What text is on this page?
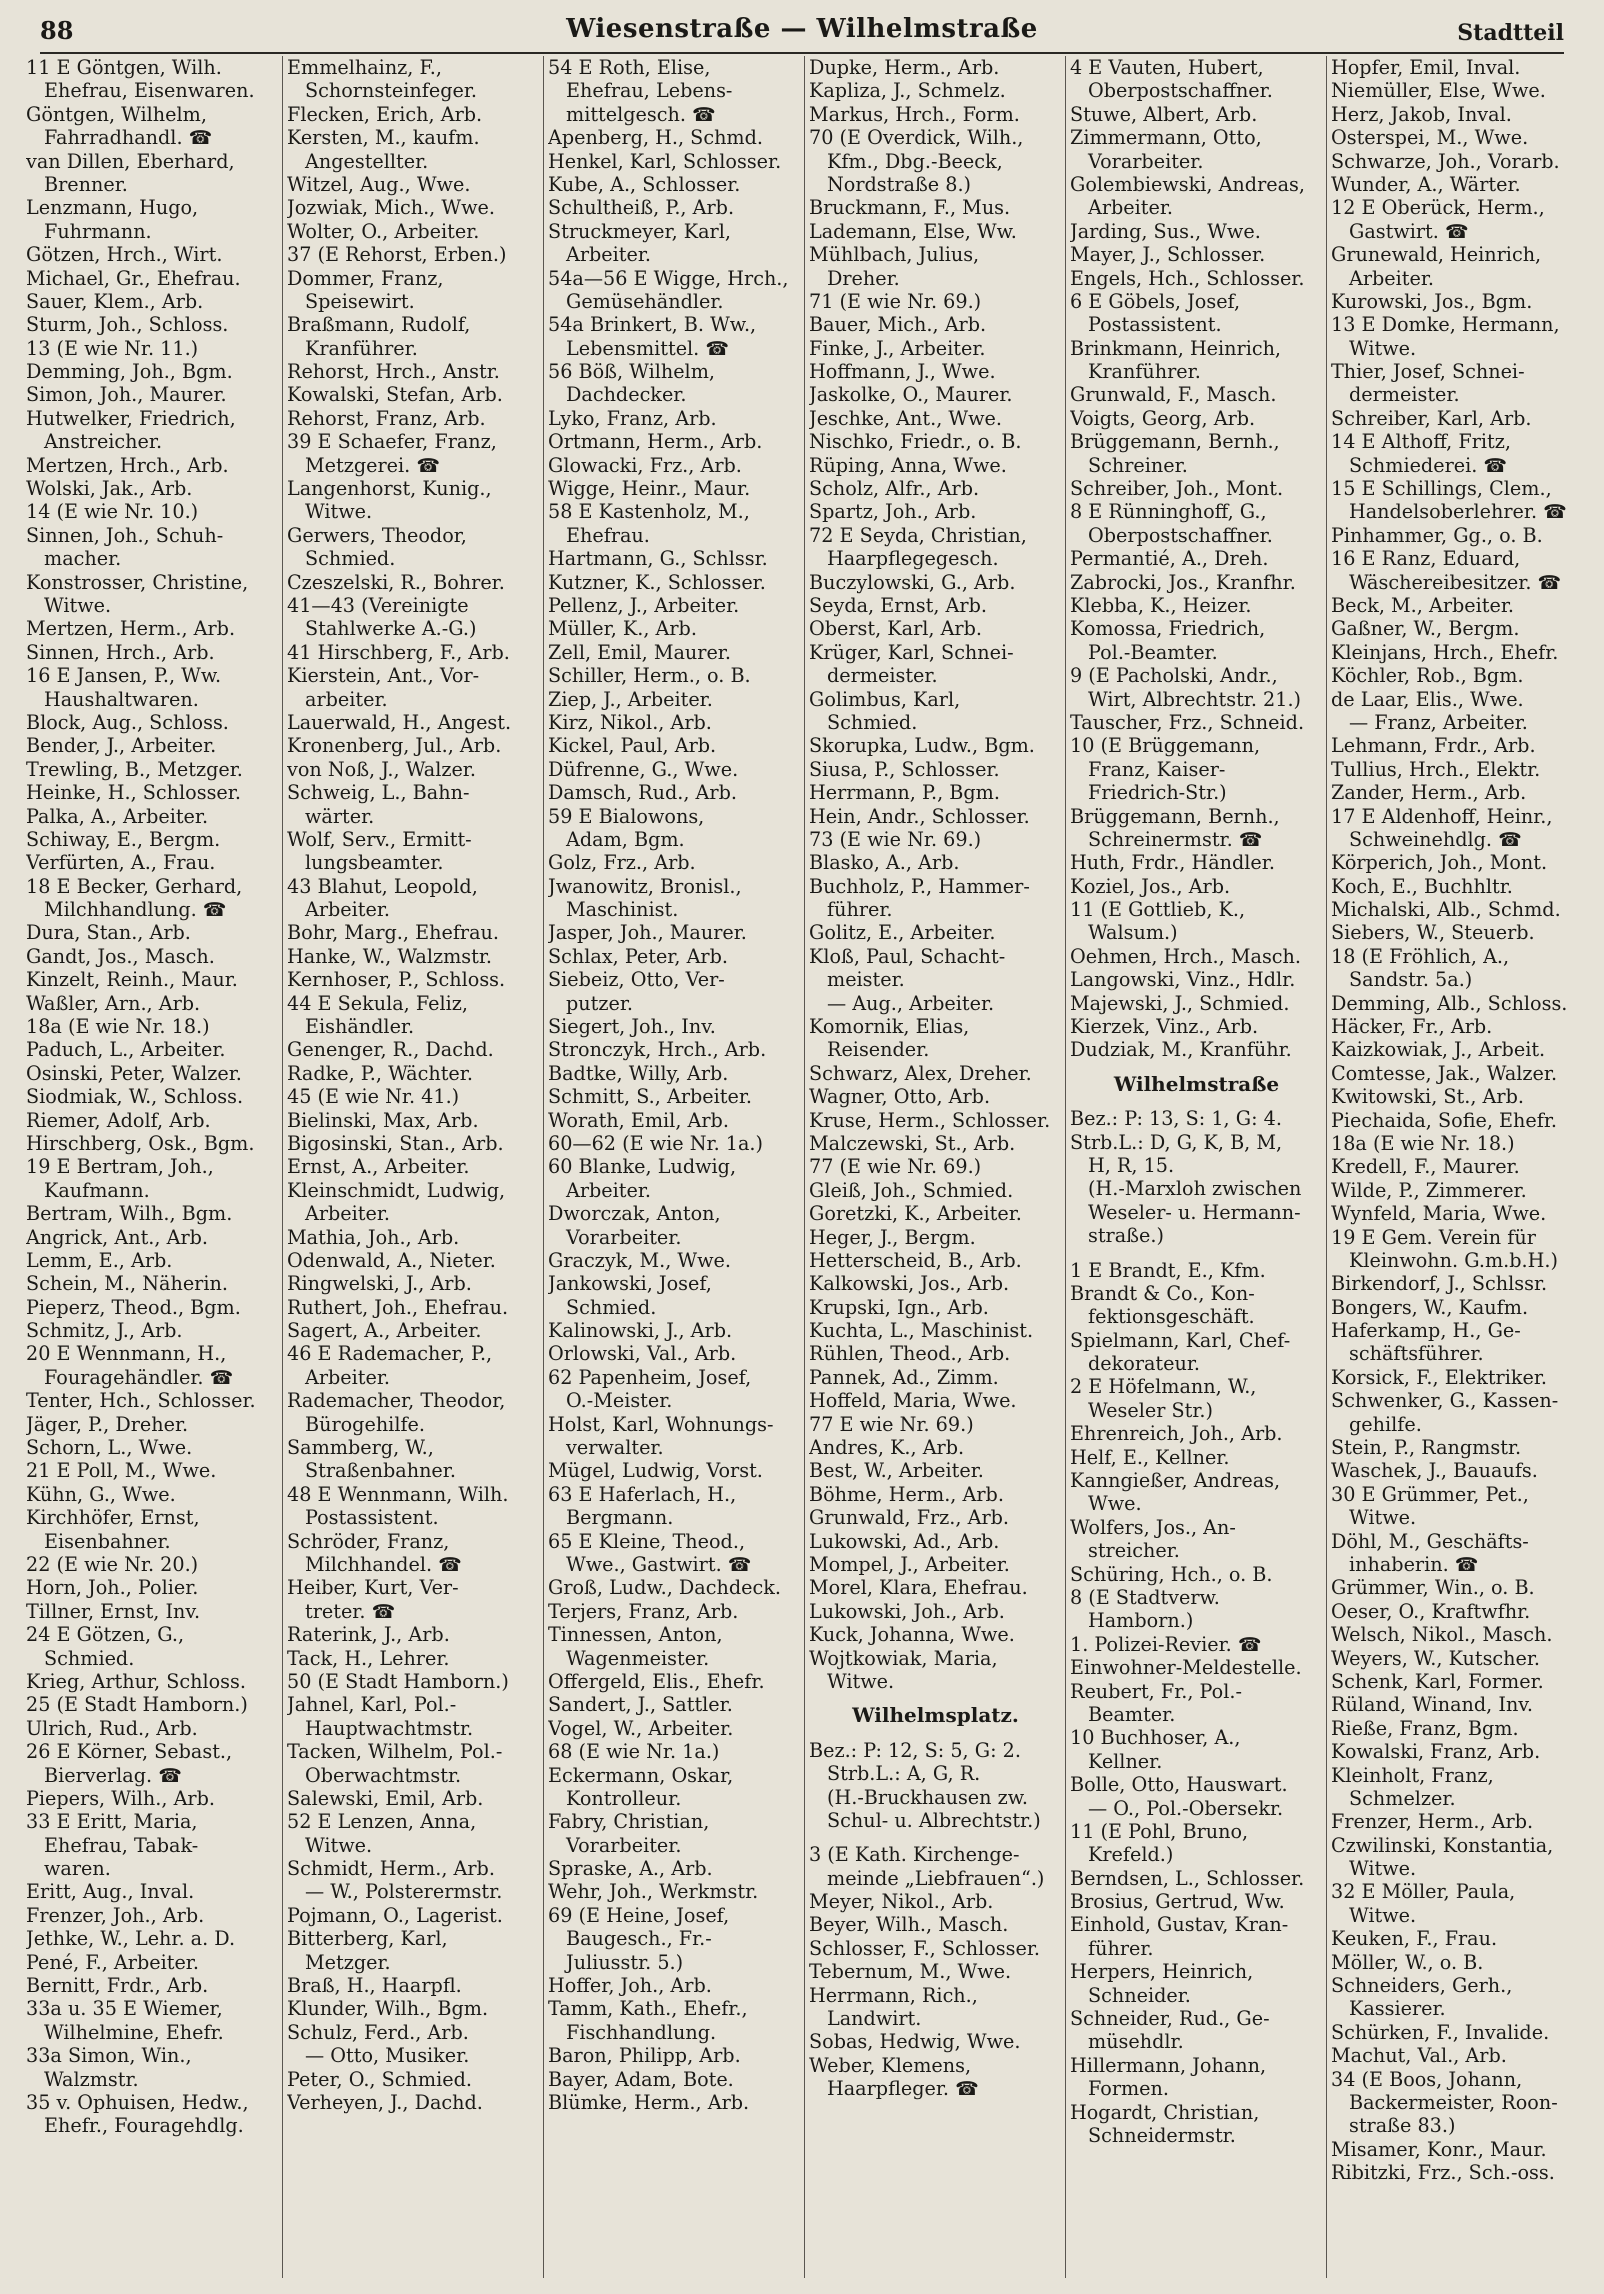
88	Wiesenstraße — Wilhelmstraße	Stadtteil
11 E Göntgen, Wilh.
Ehefrau, Eisenwaren.
Göntgen, Wilhelm,
Fahrradhandl. ☎
van Dillen, Eberhard,
Brenner.
Lenzmann, Hugo,
Fuhrmann.
Götzen, Hrch., Wirt.
Michael, Gr., Ehefrau.
Sauer, Klem., Arb.
Sturm, Joh., Schloss.
13 (E wie Nr. 11.)
Demming, Joh., Bgm.
Simon, Joh., Maurer.
Hutwelker, Friedrich,
Anstreicher.
Mertzen, Hrch., Arb.
Wolski, Jak., Arb.
14 (E wie Nr. 10.)
Sinnen, Joh., Schuh-
macher.
Konstrosser, Christine,
Witwe.
Mertzen, Herm., Arb.
Sinnen, Hrch., Arb.
16 E Jansen, P., Ww.
Haushaltwaren.
Block, Aug., Schloss.
Bender, J., Arbeiter.
Trewling, B., Metzger.
Heinke, H., Schlosser.
Palka, A., Arbeiter.
Schiway, E., Bergm.
Verfürten, A., Frau.
18 E Becker, Gerhard,
Milchhandlung. ☎
Dura, Stan., Arb.
Gandt, Jos., Masch.
Kinzelt, Reinh., Maur.
Waßler, Arn., Arb.
18a (E wie Nr. 18.)
Paduch, L., Arbeiter.
Osinski, Peter, Walzer.
Siodmiak, W., Schloss.
Riemer, Adolf, Arb.
Hirschberg, Osk., Bgm.
19 E Bertram, Joh.,
Kaufmann.
Bertram, Wilh., Bgm.
Angrick, Ant., Arb.
Lemm, E., Arb.
Schein, M., Näherin.
Pieperz, Theod., Bgm.
Schmitz, J., Arb.
20 E Wennmann, H.,
Fouragehändler. ☎
Tenter, Hch., Schlosser.
Jäger, P., Dreher.
Schorn, L., Wwe.
21 E Poll, M., Wwe.
Kühn, G., Wwe.
Kirchhöfer, Ernst,
Eisenbahner.
22 (E wie Nr. 20.)
Horn, Joh., Polier.
Tillner, Ernst, Inv.
24 E Götzen, G.,
Schmied.
Krieg, Arthur, Schloss.
25 (E Stadt Hamborn.)
Ulrich, Rud., Arb.
26 E Körner, Sebast.,
Bierverlag. ☎
Piepers, Wilh., Arb.
33 E Eritt, Maria,
Ehefrau, Tabak-
waren.
Eritt, Aug., Inval.
Frenzer, Joh., Arb.
Jethke, W., Lehr. a. D.
Pené, F., Arbeiter.
Bernitt, Frdr., Arb.
33a u. 35 E Wiemer,
Wilhelmine, Ehefr.
33a Simon, Win.,
Walzmstr.
35 v. Ophuisen, Hedw.,
Ehefr., Fouragehdlg.
Emmelhainz, F.,
Schornsteinfeger.
Flecken, Erich, Arb.
Kersten, M., kaufm.
Angestellter.
Witzel, Aug., Wwe.
Jozwiak, Mich., Wwe.
Wolter, O., Arbeiter.
37 (E Rehorst, Erben.)
Dommer, Franz,
Speisewirt.
Braßmann, Rudolf,
Kranführer.
Rehorst, Hrch., Anstr.
Kowalski, Stefan, Arb.
Rehorst, Franz, Arb.
39 E Schaefer, Franz,
Metzgerei. ☎
Langenhorst, Kunig.,
Witwe.
Gerwers, Theodor,
Schmied.
Czeszelski, R., Bohrer.
41—43 (Vereinigte
Stahlwerke A.-G.)
41 Hirschberg, F., Arb.
Kierstein, Ant., Vor-
arbeiter.
Lauerwald, H., Angest.
Kronenberg, Jul., Arb.
von Noß, J., Walzer.
Schweig, L., Bahn-
wärter.
Wolf, Serv., Ermitt-
lungsbeamter.
43 Blahut, Leopold,
Arbeiter.
Bohr, Marg., Ehefrau.
Hanke, W., Walzmstr.
Kernhoser, P., Schloss.
44 E Sekula, Feliz,
Eishändler.
Genenger, R., Dachd.
Radke, P., Wächter.
45 (E wie Nr. 41.)
Bielinski, Max, Arb.
Bigosinski, Stan., Arb.
Ernst, A., Arbeiter.
Kleinschmidt, Ludwig,
Arbeiter.
Mathia, Joh., Arb.
Odenwald, A., Nieter.
Ringwelski, J., Arb.
Ruthert, Joh., Ehefrau.
Sagert, A., Arbeiter.
46 E Rademacher, P.,
Arbeiter.
Rademacher, Theodor,
Bürogehilfe.
Sammberg, W.,
Straßenbahner.
48 E Wennmann, Wilh.
Postassistent.
Schröder, Franz,
Milchhandel. ☎
Heiber, Kurt, Ver-
treter. ☎
Raterink, J., Arb.
Tack, H., Lehrer.
50 (E Stadt Hamborn.)
Jahnel, Karl, Pol.-
Hauptwachtmstr.
Tacken, Wilhelm, Pol.-
Oberwachtmstr.
Salewski, Emil, Arb.
52 E Lenzen, Anna,
Witwe.
Schmidt, Herm., Arb.
— W., Polsterermstr.
Pojmann, O., Lagerist.
Bitterberg, Karl,
Metzger.
Braß, H., Haarpfl.
Klunder, Wilh., Bgm.
Schulz, Ferd., Arb.
— Otto, Musiker.
Peter, O., Schmied.
Verheyen, J., Dachd.
54 E Roth, Elise,
Ehefrau, Lebens-
mittelgesch. ☎
Apenberg, H., Schmd.
Henkel, Karl, Schlosser.
Kube, A., Schlosser.
Schultheiß, P., Arb.
Struckmeyer, Karl,
Arbeiter.
54a—56 E Wigge, Hrch.,
Gemüsehändler.
54a Brinkert, B. Ww.,
Lebensmittel. ☎
56 Böß, Wilhelm,
Dachdecker.
Lyko, Franz, Arb.
Ortmann, Herm., Arb.
Glowacki, Frz., Arb.
Wigge, Heinr., Maur.
58 E Kastenholz, M.,
Ehefrau.
Hartmann, G., Schlssr.
Kutzner, K., Schlosser.
Pellenz, J., Arbeiter.
Müller, K., Arb.
Zell, Emil, Maurer.
Schiller, Herm., o. B.
Ziep, J., Arbeiter.
Kirz, Nikol., Arb.
Kickel, Paul, Arb.
Düfrenne, G., Wwe.
Damsch, Rud., Arb.
59 E Bialowons,
Adam, Bgm.
Golz, Frz., Arb.
Jwanowitz, Bronisl.,
Maschinist.
Jasper, Joh., Maurer.
Schlax, Peter, Arb.
Siebeiz, Otto, Ver-
putzer.
Siegert, Joh., Inv.
Stronczyk, Hrch., Arb.
Badtke, Willy, Arb.
Schmitt, S., Arbeiter.
Worath, Emil, Arb.
60—62 (E wie Nr. 1a.)
60 Blanke, Ludwig,
Arbeiter.
Dworczak, Anton,
Vorarbeiter.
Graczyk, M., Wwe.
Jankowski, Josef,
Schmied.
Kalinowski, J., Arb.
Orlowski, Val., Arb.
62 Papenheim, Josef,
O.-Meister.
Holst, Karl, Wohnungs-
verwalter.
Mügel, Ludwig, Vorst.
63 E Haferlach, H.,
Bergmann.
65 E Kleine, Theod.,
Wwe., Gastwirt. ☎
Groß, Ludw., Dachdeck.
Terjers, Franz, Arb.
Tinnessen, Anton,
Wagenmeister.
Offergeld, Elis., Ehefr.
Sandert, J., Sattler.
Vogel, W., Arbeiter.
68 (E wie Nr. 1a.)
Eckermann, Oskar,
Kontrolleur.
Fabry, Christian,
Vorarbeiter.
Spraske, A., Arb.
Wehr, Joh., Werkmstr.
69 (E Heine, Josef,
Baugesch., Fr.-
Juliusstr. 5.)
Hoffer, Joh., Arb.
Tamm, Kath., Ehefr.,
Fischhandlung.
Baron, Philipp, Arb.
Bayer, Adam, Bote.
Blümke, Herm., Arb.
Dupke, Herm., Arb.
Kapliza, J., Schmelz.
Markus, Hrch., Form.
70 (E Overdick, Wilh.,
Kfm., Dbg.-Beeck,
Nordstraße 8.)
Bruckmann, F., Mus.
Lademann, Else, Ww.
Mühlbach, Julius,
Dreher.
71 (E wie Nr. 69.)
Bauer, Mich., Arb.
Finke, J., Arbeiter.
Hoffmann, J., Wwe.
Jaskolke, O., Maurer.
Jeschke, Ant., Wwe.
Nischko, Friedr., o. B.
Rüping, Anna, Wwe.
Scholz, Alfr., Arb.
Spartz, Joh., Arb.
72 E Seyda, Christian,
Haarpflegegesch.
Buczylowski, G., Arb.
Seyda, Ernst, Arb.
Oberst, Karl, Arb.
Krüger, Karl, Schnei-
dermeister.
Golimbus, Karl,
Schmied.
Skorupka, Ludw., Bgm.
Siusa, P., Schlosser.
Herrmann, P., Bgm.
Hein, Andr., Schlosser.
73 (E wie Nr. 69.)
Blasko, A., Arb.
Buchholz, P., Hammer-
führer.
Golitz, E., Arbeiter.
Kloß, Paul, Schacht-
meister.
— Aug., Arbeiter.
Komornik, Elias,
Reisender.
Schwarz, Alex, Dreher.
Wagner, Otto, Arb.
Kruse, Herm., Schlosser.
Malczewski, St., Arb.
77 (E wie Nr. 69.)
Gleiß, Joh., Schmied.
Goretzki, K., Arbeiter.
Heger, J., Bergm.
Hetterscheid, B., Arb.
Kalkowski, Jos., Arb.
Krupski, Ign., Arb.
Kuchta, L., Maschinist.
Rühlen, Theod., Arb.
Pannek, Ad., Zimm.
Hoffeld, Maria, Wwe.
77 E wie Nr. 69.)
Andres, K., Arb.
Best, W., Arbeiter.
Böhme, Herm., Arb.
Grunwald, Frz., Arb.
Lukowski, Ad., Arb.
Mompel, J., Arbeiter.
Morel, Klara, Ehefrau.
Lukowski, Joh., Arb.
Kuck, Johanna, Wwe.
Wojtkowiak, Maria,
Witwe.
Wilhelmsplatz.
Bez.: P: 12, S: 5, G: 2.
Strb.L.: A, G, R.
(H.-Bruckhausen zw.
Schul- u. Albrechtstr.)
3 (E Kath. Kirchenge-
meinde „Liebfrauen“.)
Meyer, Nikol., Arb.
Beyer, Wilh., Masch.
Schlosser, F., Schlosser.
Tebernum, M., Wwe.
Herrmann, Rich.,
Landwirt.
Sobas, Hedwig, Wwe.
Weber, Klemens,
Haarpfleger. ☎
4 E Vauten, Hubert,
Oberpostschaffner.
Stuwe, Albert, Arb.
Zimmermann, Otto,
Vorarbeiter.
Golembiewski, Andreas,
Arbeiter.
Jarding, Sus., Wwe.
Mayer, J., Schlosser.
Engels, Hch., Schlosser.
6 E Göbels, Josef,
Postassistent.
Brinkmann, Heinrich,
Kranführer.
Grunwald, F., Masch.
Voigts, Georg, Arb.
Brüggemann, Bernh.,
Schreiner.
Schreiber, Joh., Mont.
8 E Rünninghoff, G.,
Oberpostschaffner.
Permantié, A., Dreh.
Zabrocki, Jos., Kranfhr.
Klebba, K., Heizer.
Komossa, Friedrich,
Pol.-Beamter.
9 (E Pacholski, Andr.,
Wirt, Albrechtstr. 21.)
Tauscher, Frz., Schneid.
10 (E Brüggemann,
Franz, Kaiser-
Friedrich-Str.)
Brüggemann, Bernh.,
Schreinermstr. ☎
Huth, Frdr., Händler.
Koziel, Jos., Arb.
11 (E Gottlieb, K.,
Walsum.)
Oehmen, Hrch., Masch.
Langowski, Vinz., Hdlr.
Majewski, J., Schmied.
Kierzek, Vinz., Arb.
Dudziak, M., Kranführ.
Wilhelmstraße
Bez.: P: 13, S: 1, G: 4.
Strb.L.: D, G, K, B, M,
H, R, 15.
(H.-Marxloh zwischen
Weseler- u. Hermann-
straße.)
1 E Brandt, E., Kfm.
Brandt & Co., Kon-
fektionsgeschäft.
Spielmann, Karl, Chef-
dekorateur.
2 E Höfelmann, W.,
Weseler Str.)
Ehrenreich, Joh., Arb.
Helf, E., Kellner.
Kanngießer, Andreas,
Wwe.
Wolfers, Jos., An-
streicher.
Schüring, Hch., o. B.
8 (E Stadtverw.
Hamborn.)
1. Polizei-Revier. ☎
Einwohner-Meldestelle.
Reubert, Fr., Pol.-
Beamter.
10 Buchhoser, A.,
Kellner.
Bolle, Otto, Hauswart.
— O., Pol.-Obersekr.
11 (E Pohl, Bruno,
Krefeld.)
Berndsen, L., Schlosser.
Brosius, Gertrud, Ww.
Einhold, Gustav, Kran-
führer.
Herpers, Heinrich,
Schneider.
Schneider, Rud., Ge-
müsehdlr.
Hillermann, Johann,
Formen.
Hogardt, Christian,
Schneidermstr.
Hopfer, Emil, Inval.
Niemüller, Else, Wwe.
Herz, Jakob, Inval.
Osterspei, M., Wwe.
Schwarze, Joh., Vorarb.
Wunder, A., Wärter.
12 E Oberück, Herm.,
Gastwirt. ☎
Grunewald, Heinrich,
Arbeiter.
Kurowski, Jos., Bgm.
13 E Domke, Hermann,
Witwe.
Thier, Josef, Schnei-
dermeister.
Schreiber, Karl, Arb.
14 E Althoff, Fritz,
Schmiederei. ☎
15 E Schillings, Clem.,
Handelsoberlehrer. ☎
Pinhammer, Gg., o. B.
16 E Ranz, Eduard,
Wäschereibesitzer. ☎
Beck, M., Arbeiter.
Gaßner, W., Bergm.
Kleinjans, Hrch., Ehefr.
Köchler, Rob., Bgm.
de Laar, Elis., Wwe.
— Franz, Arbeiter.
Lehmann, Frdr., Arb.
Tullius, Hrch., Elektr.
Zander, Herm., Arb.
17 E Aldenhoff, Heinr.,
Schweinehdlg. ☎
Körperich, Joh., Mont.
Koch, E., Buchhltr.
Michalski, Alb., Schmd.
Siebers, W., Steuerb.
18 (E Fröhlich, A.,
Sandstr. 5a.)
Demming, Alb., Schloss.
Häcker, Fr., Arb.
Kaizkowiak, J., Arbeit.
Comtesse, Jak., Walzer.
Kwitowski, St., Arb.
Piechaida, Sofie, Ehefr.
18a (E wie Nr. 18.)
Kredell, F., Maurer.
Wilde, P., Zimmerer.
Wynfeld, Maria, Wwe.
19 E Gem. Verein für
Kleinwohn. G.m.b.H.)
Birkendorf, J., Schlssr.
Bongers, W., Kaufm.
Haferkamp, H., Ge-
schäftsführer.
Korsick, F., Elektriker.
Schwenker, G., Kassen-
gehilfe.
Stein, P., Rangmstr.
Waschek, J., Bauaufs.
30 E Grümmer, Pet.,
Witwe.
Döhl, M., Geschäfts-
inhaberin. ☎
Grümmer, Win., o. B.
Oeser, O., Kraftwfhr.
Welsch, Nikol., Masch.
Weyers, W., Kutscher.
Schenk, Karl, Former.
Rüland, Winand, Inv.
Rieße, Franz, Bgm.
Kowalski, Franz, Arb.
Kleinholt, Franz,
Schmelzer.
Frenzer, Herm., Arb.
Czwilinski, Konstantia,
Witwe.
32 E Möller, Paula,
Witwe.
Keuken, F., Frau.
Möller, W., o. B.
Schneiders, Gerh.,
Kassierer.
Schürken, F., Invalide.
Machut, Val., Arb.
34 (E Boos, Johann,
Backermeister, Roon-
straße 83.)
Misamer, Konr., Maur.
Ribitzki, Frz., Sch.-oss.
